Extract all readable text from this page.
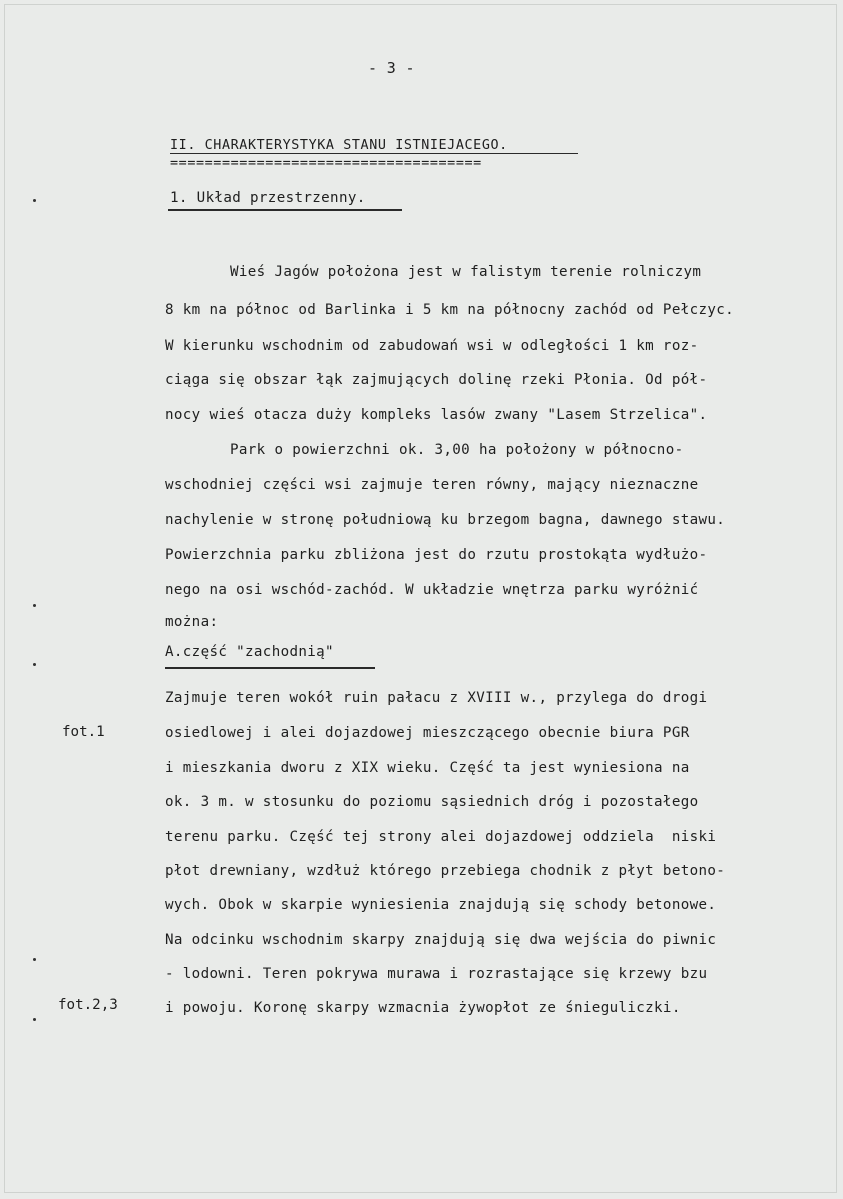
- 3 -
II. CHARAKTERYSTYKA STANU ISTNIEJACEGO.
====================================
1. Układ przestrzenny.
Wieś Jagów położona jest w falistym terenie rolniczym
8 km na północ od Barlinka i 5 km na północny zachód od Pełczyc.
W kierunku wschodnim od zabudowań wsi w odległości 1 km roz-
ciąga się obszar łąk zajmujących dolinę rzeki Płonia. Od pół-
nocy wieś otacza duży kompleks lasów zwany "Lasem Strzelica".
Park o powierzchni ok. 3,00 ha położony w północno-
wschodniej części wsi zajmuje teren równy, mający nieznaczne
nachylenie w stronę południową ku brzegom bagna, dawnego stawu.
Powierzchnia parku zbliżona jest do rzutu prostokąta wydłużo-
nego na osi wschód-zachód. W układzie wnętrza parku wyróżnić
można:
A.część "zachodnią"
Zajmuje teren wokół ruin pałacu z XVIII w., przylega do drogi
osiedlowej i alei dojazdowej mieszczącego obecnie biura PGR
i mieszkania dworu z XIX wieku. Część ta jest wyniesiona na
ok. 3 m. w stosunku do poziomu sąsiednich dróg i pozostałego
terenu parku. Część tej strony alei dojazdowej oddziela  niski
płot drewniany, wzdłuż którego przebiega chodnik z płyt betono-
wych. Obok w skarpie wyniesienia znajdują się schody betonowe.
Na odcinku wschodnim skarpy znajdują się dwa wejścia do piwnic
- lodowni. Teren pokrywa murawa i rozrastające się krzewy bzu
i powoju. Koronę skarpy wzmacnia żywopłot ze śnieguliczki.
fot.1
fot.2,3
